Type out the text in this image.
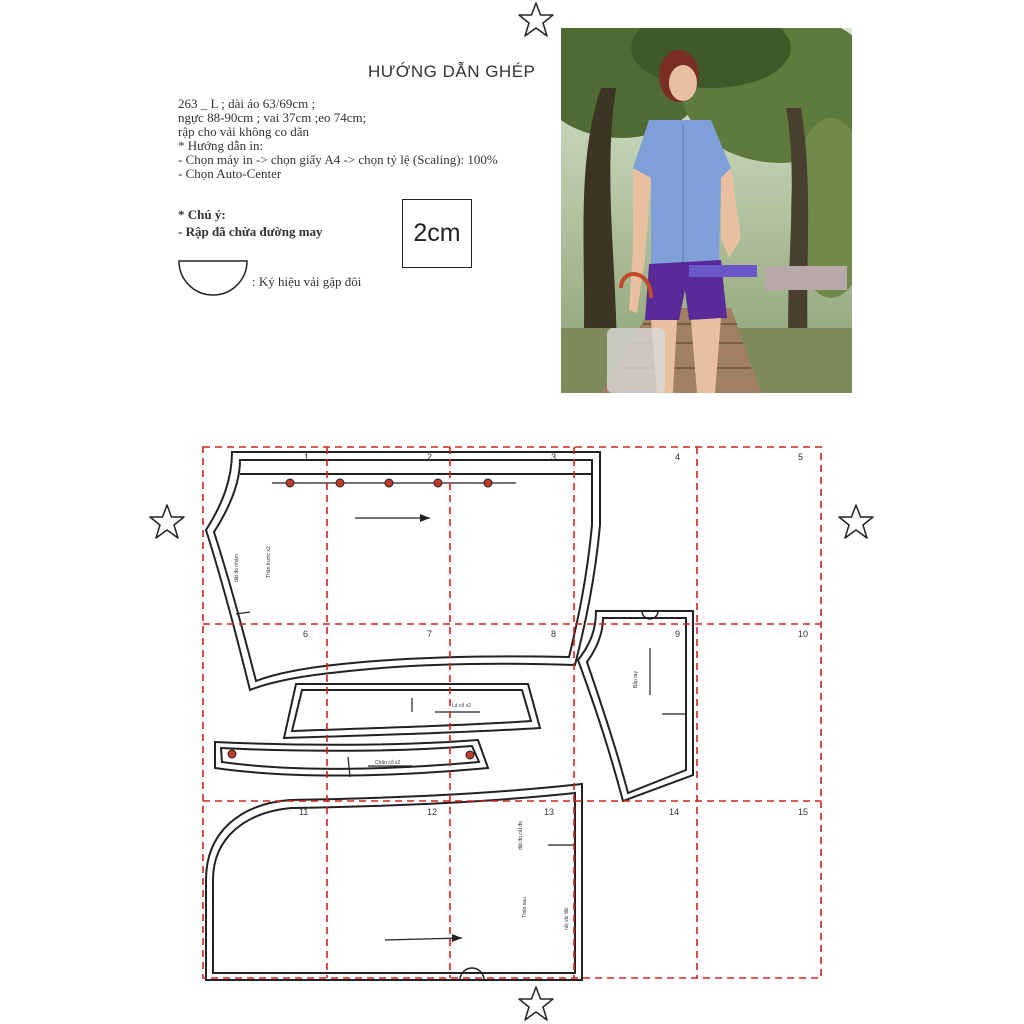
HƯỚNG DẪN GHÉP
263 _ L ; dài áo 63/69cm ;
ngực 88-90cm ; vai 37cm ;eo 74cm;
rập cho vải không co dãn
* Hướng dẫn in:
- Chọn máy in -> chọn giấy A4 -> chọn tỷ lệ (Scaling): 100%
- Chọn Auto-Center
* Chú ý:
- Rập đã chừa đường may	2cm
: Ký hiệu vải gập đôi
1	2	3	4	5
6	7	8	9	10
11	12	13	14	15
Thân trước x2
đặt đo nhặm
Bắp tay
Lá cổ x2
Chân cổ x2
Thân sau
đặt đo cắt đo
nối vải đôi
